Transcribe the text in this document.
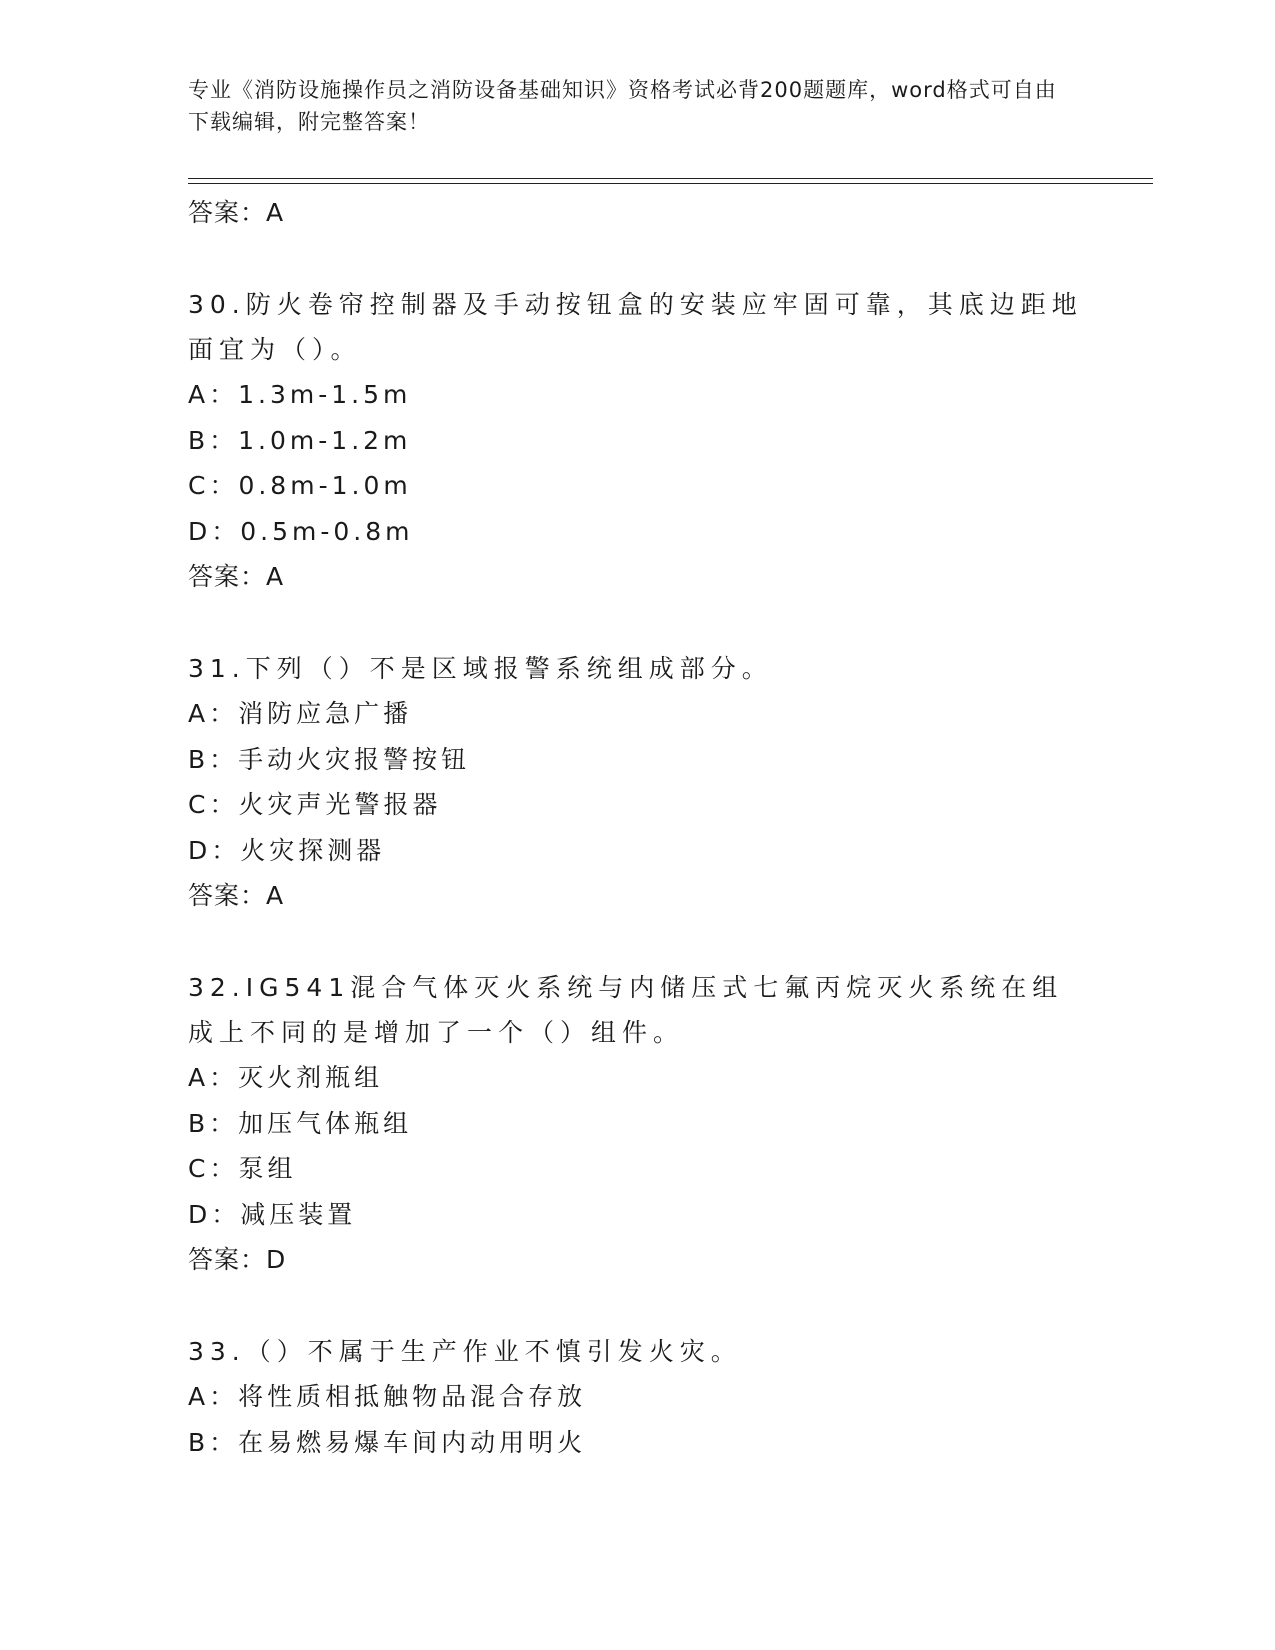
专业《消防设施操作员之消防设备基础知识》资格考试必背200题题库，word格式可自由下载编辑，附完整答案！
答案：A
30.防火卷帘控制器及手动按钮盒的安装应牢固可靠，其底边距地面宜为（）。
A：1.3m-1.5m
B：1.0m-1.2m
C：0.8m-1.0m
D：0.5m-0.8m
答案：A
31.下列（）不是区域报警系统组成部分。
A：消防应急广播
B：手动火灾报警按钮
C：火灾声光警报器
D：火灾探测器
答案：A
32.IG541混合气体灭火系统与内储压式七氟丙烷灭火系统在组成上不同的是增加了一个（）组件。
A：灭火剂瓶组
B：加压气体瓶组
C：泵组
D：减压装置
答案：D
33.（）不属于生产作业不慎引发火灾。
A：将性质相抵触物品混合存放
B：在易燃易爆车间内动用明火
